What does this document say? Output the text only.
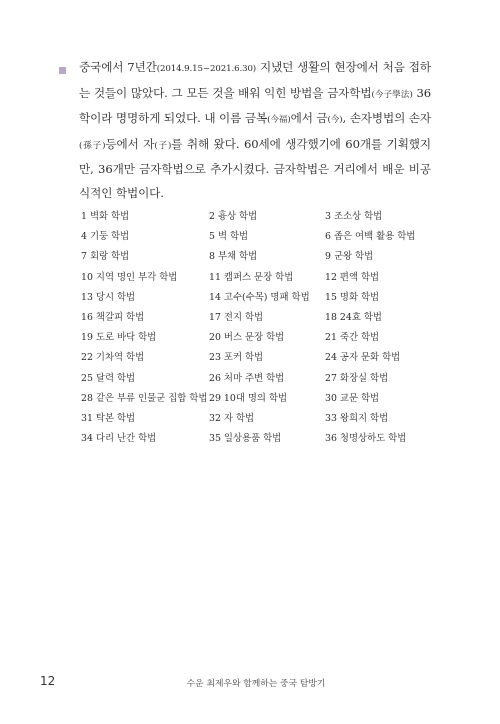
중국에서 7년간(2014.9.15~2021.6.30) 지냈던 생활의 현장에서 처음 접하는 것들이 많았다. 그 모든 것을 배워 익힌 방법을 금자학법(今子學法) 36학이라 명명하게 되었다. 내 이름 금복(今福)에서 금(今), 손자병법의 손자(孫子)등에서 자(子)를 취해 왔다. 60세에 생각했기에 60개를 기획했지만, 36개만 금자학법으로 추가시켰다. 금자학법은 거리에서 배운 비공식적인 학법이다.

1 벽화 학법	2 흉상 학법	3 조소상 학법
4 기둥 학법	5 벽 학법	6 좁은 여백 활용 학법
7 회랑 학법	8 부채 학법	9 군왕 학법
10 지역 명인 부각 학법	11 캠퍼스 문장 학법	12 편액 학법
13 당시 학법	14 고수(수목) 명패 학법	15 명화 학법
16 책갈피 학법	17 전지 학법	18 24효 학법
19 도로 바닥 학법	20 버스 문장 학법	21 죽간 학법
22 기차역 학법	23 포커 학법	24 공자 문화 학법
25 달력 학법	26 처마 주변 학법	27 화장실 학법
28 같은 부류 인물군 집합 학법 29 10대 명의 학법	30 교문 학법
31 탁본 학법	32 자 학법	33 왕희지 학법
34 다리 난간 학법	35 일상용품 학법	36 청명상하도 학법
12	수운 최제우와 함께하는 중국 탐방기
